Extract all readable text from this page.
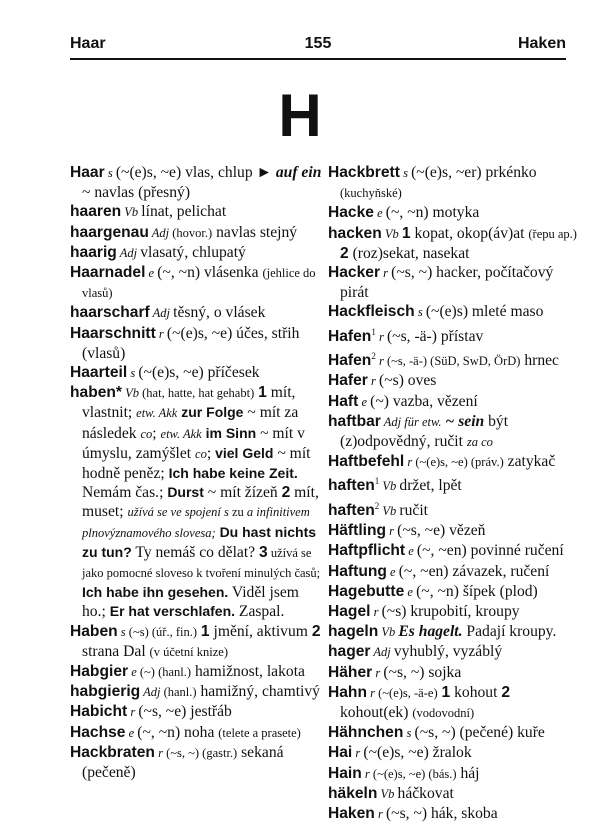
Haar	155	Haken
H

Haar s (~(e)s, ~e) vlas, chlup ► auf ein ~ navlas (přesný)

haaren Vb línat, pelichat

haargenau Adj (hovor.) navlas stejný

haarig Adj vlasatý, chlupatý

Haarnadel e (~, ~n) vlásenka (jehlice do vlasů)

haarscharf Adj těsný, o vlásek

Haarschnitt r (~(e)s, ~e) účes, střih (vlasů)

Haarteil s (~(e)s, ~e) příčesek

haben* Vb (hat, hatte, hat gehabt) 1 mít, vlastnit; etw. Akk zur Folge ~ mít za následek co; etw. Akk im Sinn ~ mít v úmyslu, zamýšlet co; viel Geld ~ mít hodně peněz; Ich habe keine Zeit. Nemám čas.; Durst ~ mít žízeň 2 mít, muset; užívá se ve spojení s zu a infinitivem plnovýznamového slovesa; Du hast nichts zu tun? Ty nemáš co dělat? 3 užívá se jako pomocné sloveso k tvoření minulých časů; Ich habe ihn gesehen. Viděl jsem ho.; Er hat verschlafen. Zaspal.

Haben s (~s) (úř., fin.) 1 jmění, aktivum 2 strana Dal (v účetní knize)

Habgier e (~) (hanl.) hamižnost, lakota

habgierig Adj (hanl.) hamižný, chamtivý

Habicht r (~s, ~e) jestřáb

Hachse e (~, ~n) noha (telete a prasete)

Hackbraten r (~s, ~) (gastr.) sekaná (pečeně)

Hackbrett s (~(e)s, ~er) prkénko (kuchyňské)

Hacke e (~, ~n) motyka

hacken Vb 1 kopat, okop(áv)at (řepu ap.) 2 (roz)sekat, nasekat

Hacker r (~s, ~) hacker, počítačový pirát

Hackfleisch s (~(e)s) mleté maso

Hafen$^1$ r (~s, -ä-) přístav

Hafen$^2$ r (~s, -ä-) (SüD, SwD, ÖrD) hrnec

Hafer r (~s) oves

Haft e (~) vazba, vězení

haftbar Adj für etw. ~ sein být (z)odpovědný, ručit za co

Haftbefehl r (~(e)s, ~e) (práv.) zatykač

haften$^1$ Vb držet, lpět

haften$^2$ Vb ručit

Häftling r (~s, ~e) vězeň

Haftpflicht e (~, ~en) povinné ručení

Haftung e (~, ~en) závazek, ručení

Hagebutte e (~, ~n) šípek (plod)

Hagel r (~s) krupobití, kroupy

hageln Vb Es hagelt. Padají kroupy.

hager Adj vyhublý, vyzáblý

Häher r (~s, ~) sojka

Hahn r (~(e)s, -ä-e) 1 kohout 2 kohout(ek) (vodovodní)

Hähnchen s (~s, ~) (pečené) kuře

Hai r (~(e)s, ~e) žralok

Hain r (~(e)s, ~e) (bás.) háj

häkeln Vb háčkovat

Haken r (~s, ~) hák, skoba
